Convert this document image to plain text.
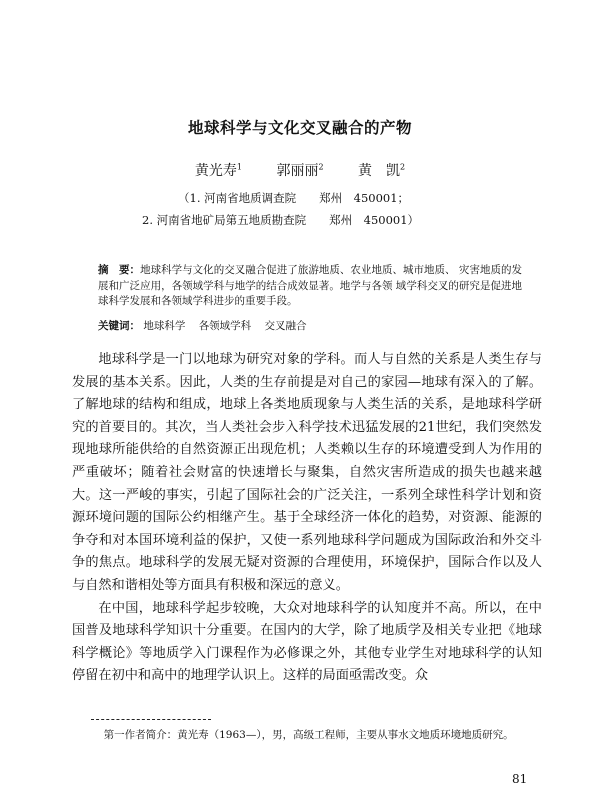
地球科学与文化交叉融合的产物
黄光寿$^1$ 郭丽丽$^2$ 黄　凯$^2$
（1. 河南省地质调查院　　郑州　450001；
2. 河南省地矿局第五地质勘查院　　郑州　450001）
摘　要：地球科学与文化的交叉融合促进了旅游地质、农业地质、城市地质、 灾害地质的发展和广泛应用，各领域学科与地学的结合成效显著。地学与各领 域学科交叉的研究是促进地球科学发展和各领域学科进步的重要手段。
关键词： 地球科学 各领域学科 交叉融合

地球科学是一门以地球为研究对象的学科。而人与自然的关系是人类生存与发展的基本关系。因此，人类的生存前提是对自己的家园—地球有深入的了解。了解地球的结构和组成，地球上各类地质现象与人类生活的关系，是地球科学研究的首要目的。其次，当人类社会步入科学技术迅猛发展的21世纪，我们突然发现地球所能供给的自然资源正出现危机；人类赖以生存的环境遭受到人为作用的严重破坏；随着社会财富的快速增长与聚集，自然灾害所造成的损失也越来越大。这一严峻的事实，引起了国际社会的广泛关注，一系列全球性科学计划和资源环境问题的国际公约相继产生。基于全球经济一体化的趋势，对资源、能源的争夺和对本国环境利益的保护，又使一系列地球科学问题成为国际政治和外交斗争的焦点。地球科学的发展无疑对资源的合理使用，环境保护，国际合作以及人与自然和谐相处等方面具有积极和深远的意义。

在中国，地球科学起步较晚，大众对地球科学的认知度并不高。所以，在中国普及地球科学知识十分重要。在国内的大学，除了地质学及相关专业把《地球科学概论》等地质学入门课程作为必修课之外，其他专业学生对地球科学的认知停留在初中和高中的地理学认识上。这样的局面亟需改变。众

第一作者简介：黄光寿（1963—），男，高级工程师，主要从事水文地质环境地质研究。
81
